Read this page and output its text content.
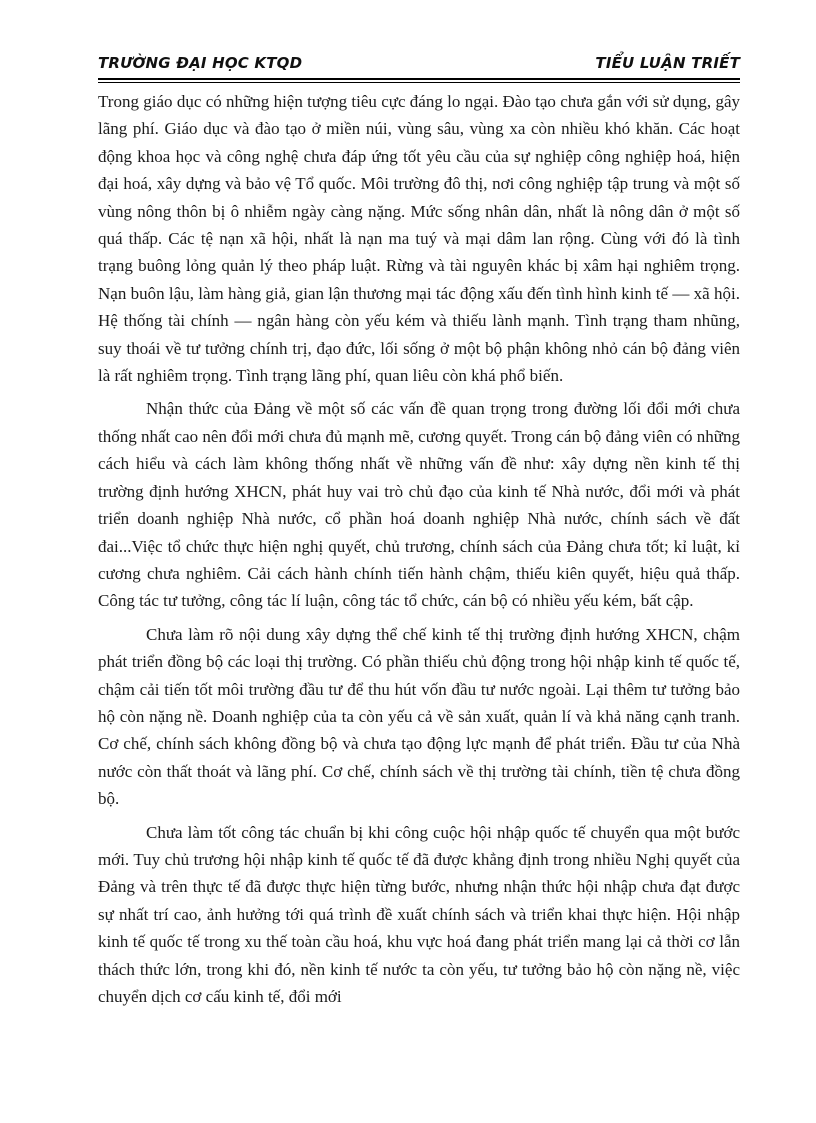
TRƯỜNG ĐẠI HỌC KTQD	TIỂU LUẬN TRIẾT

Trong giáo dục có những hiện tượng tiêu cực đáng lo ngại. Đào tạo chưa gắn với sử dụng, gây lãng phí. Giáo dục và đào tạo ở miền núi, vùng sâu, vùng xa còn nhiều khó khăn. Các hoạt động khoa học và công nghệ chưa đáp ứng tốt yêu cầu của sự nghiệp công nghiệp hoá, hiện đại hoá, xây dựng và bảo vệ Tổ quốc. Môi trường đô thị, nơi công nghiệp tập trung và một số vùng nông thôn bị ô nhiễm ngày càng nặng. Mức sống nhân dân, nhất là nông dân ở một số quá thấp. Các tệ nạn xã hội, nhất là nạn ma tuý và mại dâm lan rộng. Cùng với đó là tình trạng buông lỏng quản lý theo pháp luật. Rừng và tài nguyên khác bị xâm hại nghiêm trọng. Nạn buôn lậu, làm hàng giả, gian lận thương mại tác động xấu đến tình hình kinh tế — xã hội. Hệ thống tài chính — ngân hàng còn yếu kém và thiếu lành mạnh. Tình trạng tham nhũng, suy thoái về tư tưởng chính trị, đạo đức, lối sống ở một bộ phận không nhỏ cán bộ đảng viên là rất nghiêm trọng. Tình trạng lãng phí, quan liêu còn khá phổ biến.

Nhận thức của Đảng về một số các vấn đề quan trọng trong đường lối đổi mới chưa thống nhất cao nên đổi mới chưa đủ mạnh mẽ, cương quyết. Trong cán bộ đảng viên có những cách hiểu và cách làm không thống nhất về những vấn đề như: xây dựng nền kinh tế thị trường định hướng XHCN, phát huy vai trò chủ đạo của kinh tế Nhà nước, đổi mới và phát triển doanh nghiệp Nhà nước, cổ phần hoá doanh nghiệp Nhà nước, chính sách về đất đai...Việc tổ chức thực hiện nghị quyết, chủ trương, chính sách của Đảng chưa tốt; kỉ luật, kỉ cương chưa nghiêm. Cải cách hành chính tiến hành chậm, thiếu kiên quyết, hiệu quả thấp. Công tác tư tưởng, công tác lí luận, công tác tổ chức, cán bộ có nhiều yếu kém, bất cập.

Chưa làm rõ nội dung xây dựng thể chế kinh tế thị trường định hướng XHCN, chậm phát triển đồng bộ các loại thị trường. Có phần thiếu chủ động trong hội nhập kinh tế quốc tế, chậm cải tiến tốt môi trường đầu tư để thu hút vốn đầu tư nước ngoài. Lại thêm tư tưởng bảo hộ còn nặng nề. Doanh nghiệp của ta còn yếu cả về sản xuất, quản lí và khả năng cạnh tranh. Cơ chế, chính sách không đồng bộ và chưa tạo động lực mạnh để phát triển. Đầu tư của Nhà nước còn thất thoát và lãng phí. Cơ chế, chính sách về thị trường tài chính, tiền tệ chưa đồng bộ.

Chưa làm tốt công tác chuẩn bị khi công cuộc hội nhập quốc tế chuyển qua một bước mới. Tuy chủ trương hội nhập kinh tế quốc tế đã được khẳng định trong nhiều Nghị quyết của Đảng và trên thực tế đã được thực hiện từng bước, nhưng nhận thức hội nhập chưa đạt được sự nhất trí cao, ảnh hưởng tới quá trình đề xuất chính sách và triển khai thực hiện. Hội nhập kinh tế quốc tế trong xu thế toàn cầu hoá, khu vực hoá đang phát triển mang lại cả thời cơ lẫn thách thức lớn, trong khi đó, nền kinh tế nước ta còn yếu, tư tưởng bảo hộ còn nặng nề, việc chuyển dịch cơ cấu kinh tế, đổi mới
